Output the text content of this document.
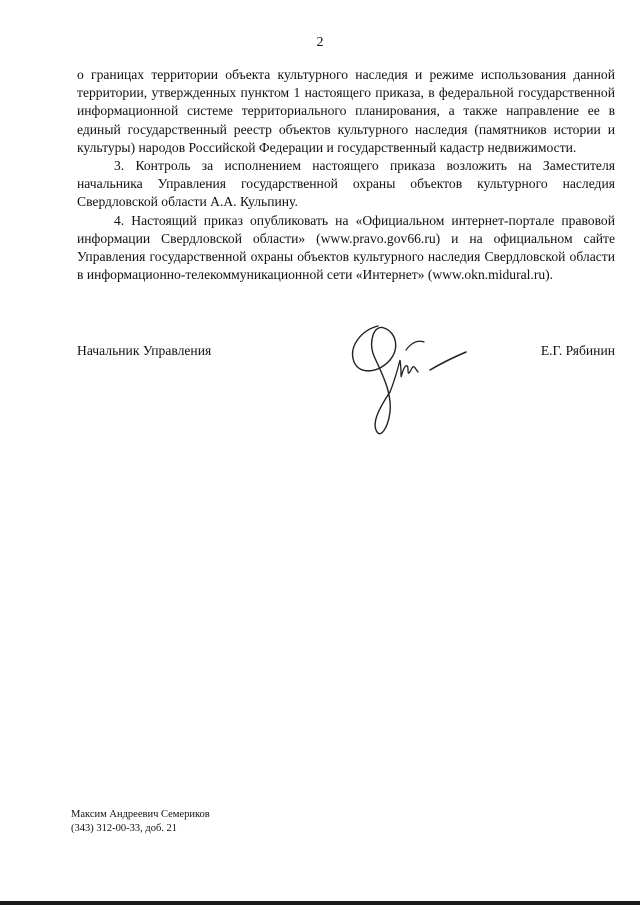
2

о границах территории объекта культурного наследия и режиме использования данной территории, утвержденных пунктом 1 настоящего приказа, в федеральной государственной информационной системе территориального планирования, а также направление ее в единый государственный реестр объектов культурного наследия (памятников истории и культуры) народов Российской Федерации и государственный кадастр недвижимости.

3. Контроль за исполнением настоящего приказа возложить на Заместителя начальника Управления государственной охраны объектов культурного наследия Свердловской области А.А. Кульпину.

4. Настоящий приказ опубликовать на «Официальном интернет-портале правовой информации Свердловской области» (www.pravo.gov66.ru) и на официальном сайте Управления государственной охраны объектов культурного наследия Свердловской области в информационно-телекоммуникационной сети «Интернет» (www.okn.midural.ru).

Начальник Управления	Е.Г. Рябинин
Максим Андреевич Семериков
(343) 312-00-33, доб. 21
